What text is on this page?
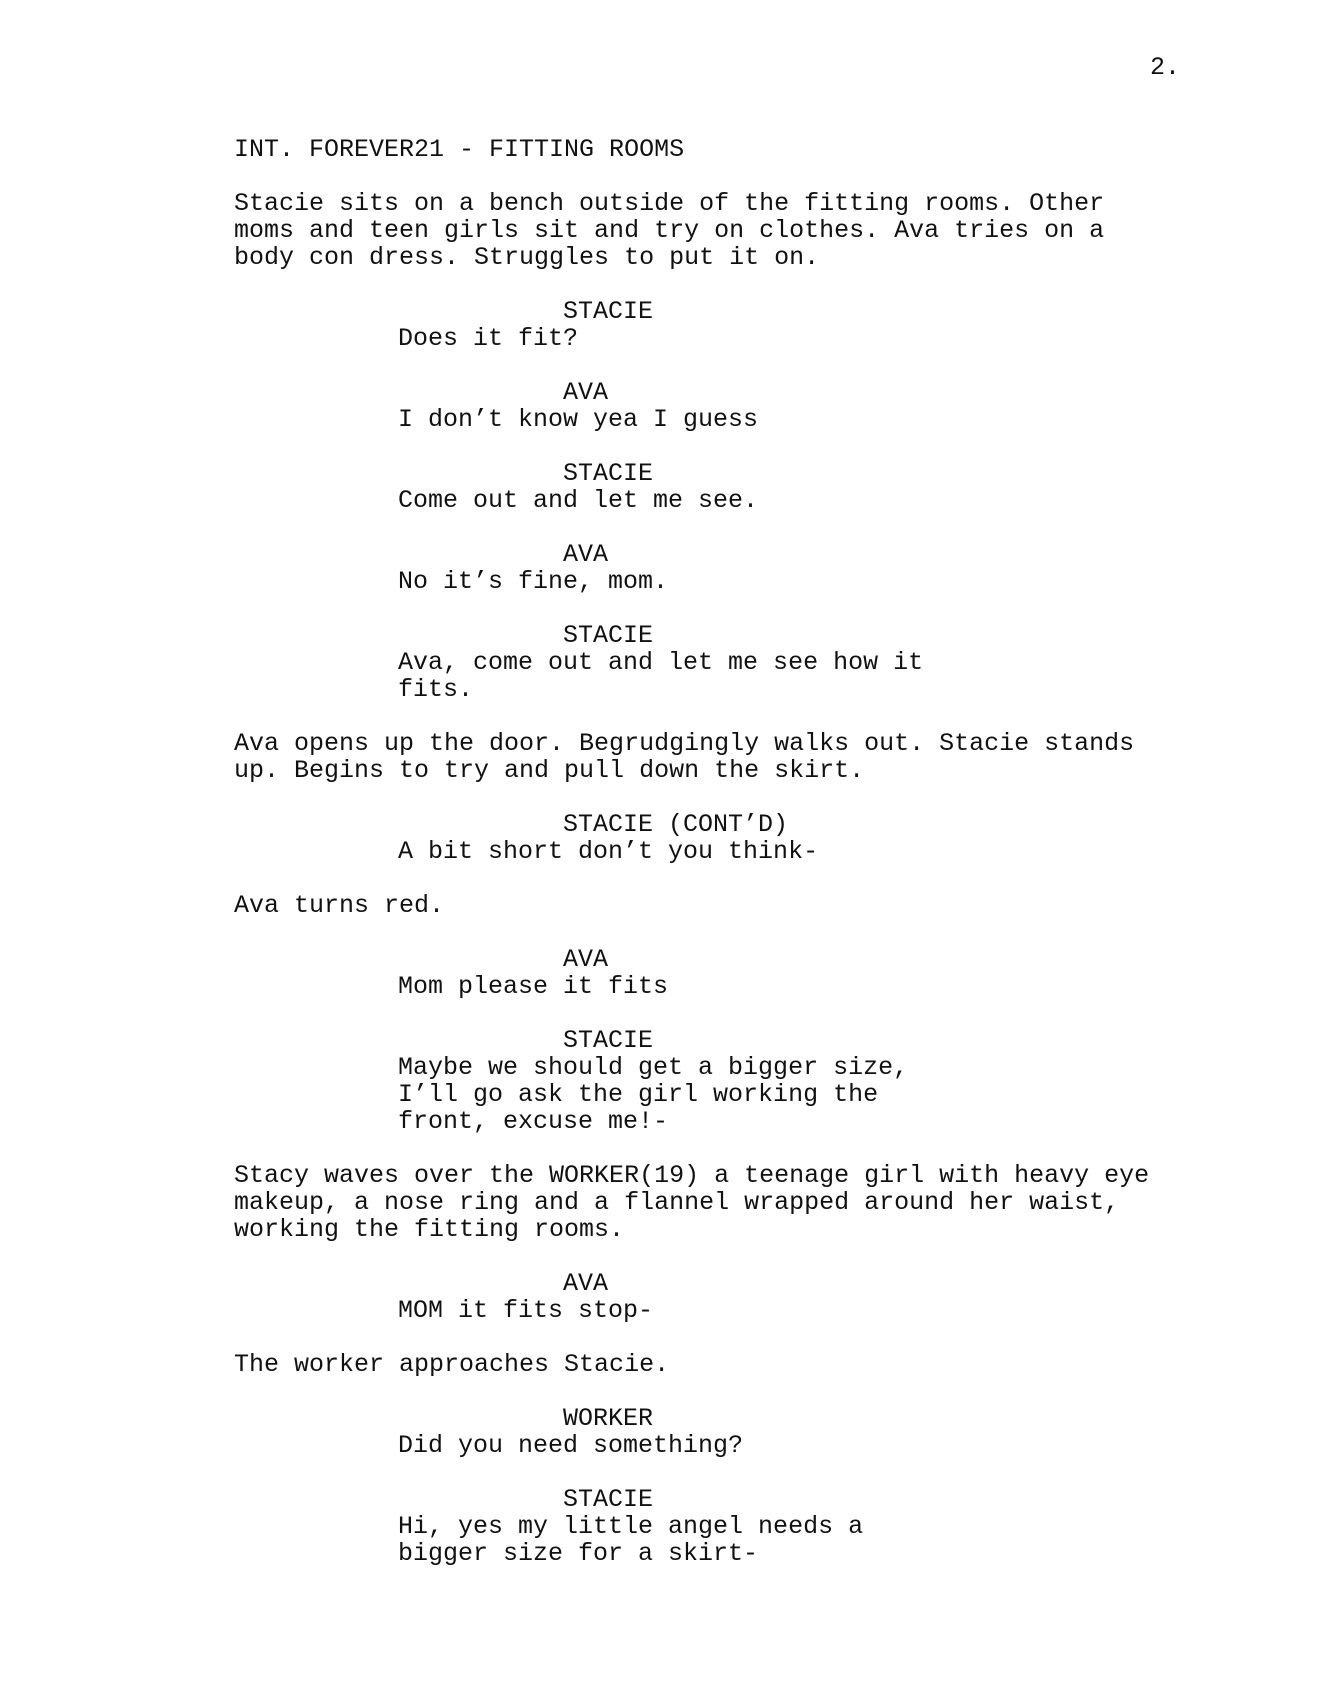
2.
INT. FOREVER21 - FITTING ROOMS
Stacie sits on a bench outside of the fitting rooms. Other
moms and teen girls sit and try on clothes. Ava tries on a
body con dress. Struggles to put it on.
STACIE
Does it fit?
AVA
I don’t know yea I guess
STACIE
Come out and let me see.
AVA
No it’s fine, mom.
STACIE
Ava, come out and let me see how it
fits.
Ava opens up the door. Begrudgingly walks out. Stacie stands
up. Begins to try and pull down the skirt.
STACIE (CONT’D)
A bit short don’t you think-
Ava turns red.
AVA
Mom please it fits
STACIE
Maybe we should get a bigger size,
I’ll go ask the girl working the
front, excuse me!-
Stacy waves over the WORKER(19) a teenage girl with heavy eye
makeup, a nose ring and a flannel wrapped around her waist,
working the fitting rooms.
AVA
MOM it fits stop-
The worker approaches Stacie.
WORKER
Did you need something?
STACIE
Hi, yes my little angel needs a
bigger size for a skirt-
